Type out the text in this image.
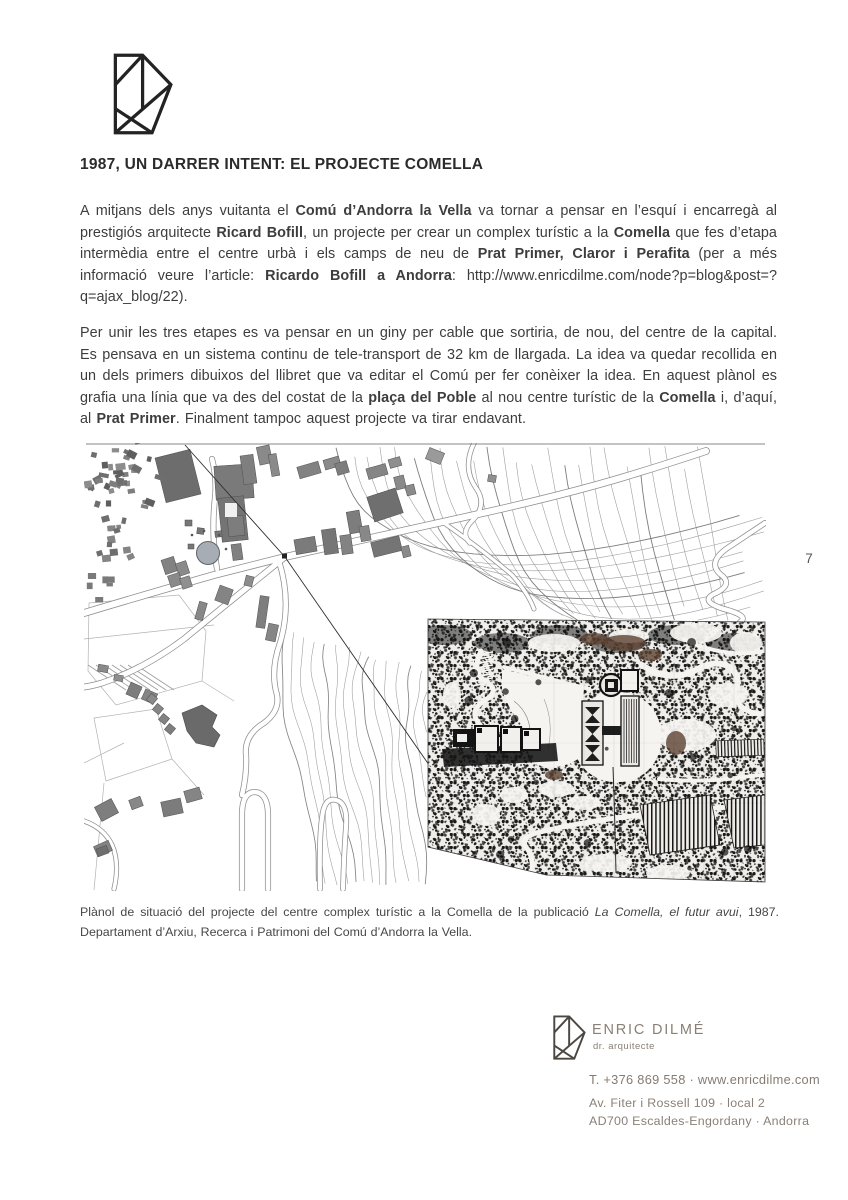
1987, UN DARRER INTENT: EL PROJECTE COMELLA

A mitjans dels anys vuitanta el Comú d’Andorra la Vella va tornar a pensar en l’esquí i encarregà al prestigiós arquitecte Ricard Bofill, un projecte per crear un complex turístic a la Comella que fes d’etapa intermèdia entre el centre urbà i els camps de neu de Prat Primer, Claror i Perafita (per a més informació veure l’article: Ricardo Bofill a Andorra: http://www.enricdilme.com/node?p=blog&post=?q=ajax_blog/22).

Per unir les tres etapes es va pensar en un giny per cable que sortiria, de nou, del centre de la capital. Es pensava en un sistema continu de tele-transport de 32 km de llargada. La idea va quedar recollida en un dels primers dibuixos del llibret que va editar el Comú per fer conèixer la idea. En aquest plànol es grafia una línia que va des del costat de la plaça del Poble al nou centre turístic de la Comella i, d’aquí, al Prat Primer. Finalment tampoc aquest projecte va tirar endavant.

7

Plànol de situació del projecte del centre complex turístic a la Comella de la publicació La Comella, el futur avui, 1987. Departament d’Arxiu, Recerca i Patrimoni del Comú d’Andorra la Vella.

ENRIC DILMÉ
dr. arquitecte
T. +376 869 558 · www.enricdilme.com
Av. Fiter i Rossell 109 · local 2
AD700 Escaldes-Engordany · Andorra
